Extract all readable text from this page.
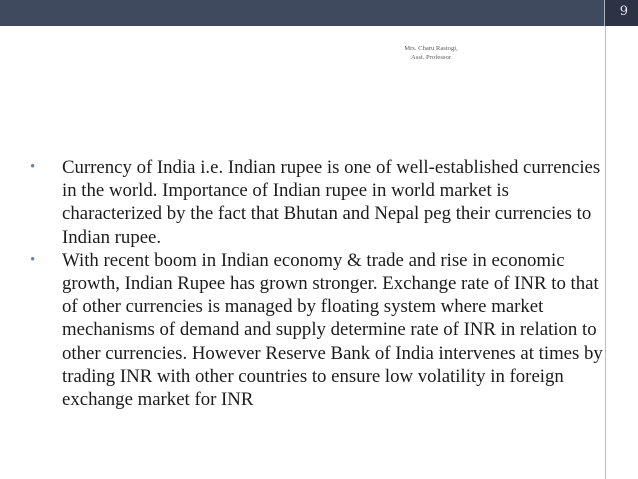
9
Mrs. Charu Rastogi,
Asst. Professor
• Currency of India i.e. Indian rupee is one of well-established currencies in the world. Importance of Indian rupee in world market is characterized by the fact that Bhutan and Nepal peg their currencies to Indian rupee.
• With recent boom in Indian economy & trade and rise in economic growth, Indian Rupee has grown stronger. Exchange rate of INR to that of other currencies is managed by floating system where market mechanisms of demand and supply determine rate of INR in relation to other currencies. However Reserve Bank of India intervenes at times by trading INR with other countries to ensure low volatility in foreign exchange market for INR
